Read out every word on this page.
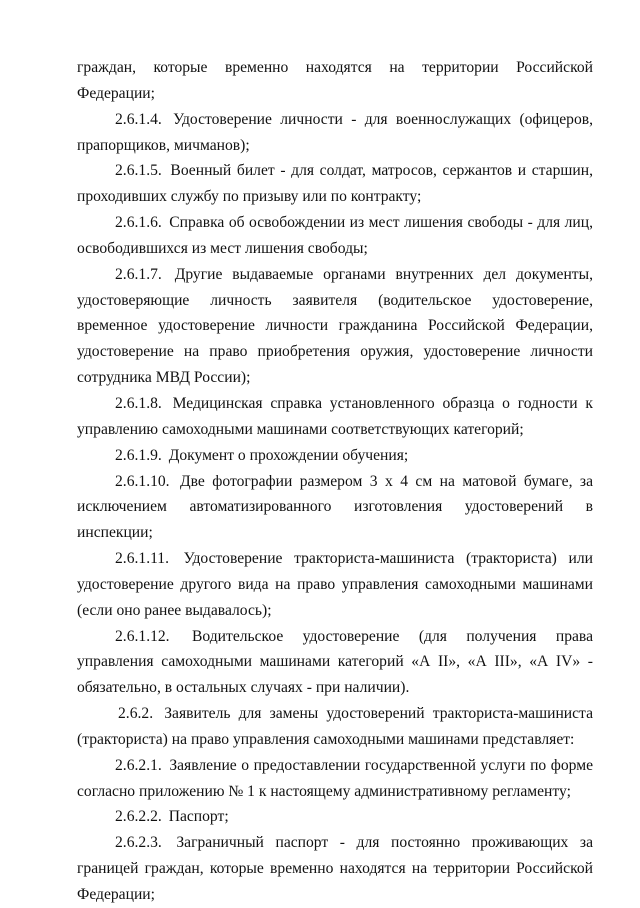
граждан, которые временно находятся на территории Российской Федерации;

2.6.1.4. Удостоверение личности - для военнослужащих (офицеров, прапорщиков, мичманов);

2.6.1.5. Военный билет - для солдат, матросов, сержантов и старшин, проходивших службу по призыву или по контракту;

2.6.1.6. Справка об освобождении из мест лишения свободы - для лиц, освободившихся из мест лишения свободы;

2.6.1.7. Другие выдаваемые органами внутренних дел документы, удостоверяющие личность заявителя (водительское удостоверение, временное удостоверение личности гражданина Российской Федерации, удостоверение на право приобретения оружия, удостоверение личности сотрудника МВД России);

2.6.1.8. Медицинская справка установленного образца о годности к управлению самоходными машинами соответствующих категорий;

2.6.1.9. Документ о прохождении обучения;

2.6.1.10. Две фотографии размером 3 х 4 см на матовой бумаге, за исключением автоматизированного изготовления удостоверений в инспекции;

2.6.1.11. Удостоверение тракториста-машиниста (тракториста) или удостоверение другого вида на право управления самоходными машинами (если оно ранее выдавалось);

2.6.1.12. Водительское удостоверение (для получения права управления самоходными машинами категорий «А II», «А III», «А IV» - обязательно, в остальных случаях - при наличии).

2.6.2. Заявитель для замены удостоверений тракториста-машиниста (тракториста) на право управления самоходными машинами представляет:

2.6.2.1. Заявление о предоставлении государственной услуги по форме согласно приложению № 1 к настоящему административному регламенту;

2.6.2.2. Паспорт;

2.6.2.3. Заграничный паспорт - для постоянно проживающих за границей граждан, которые временно находятся на территории Российской Федерации;
